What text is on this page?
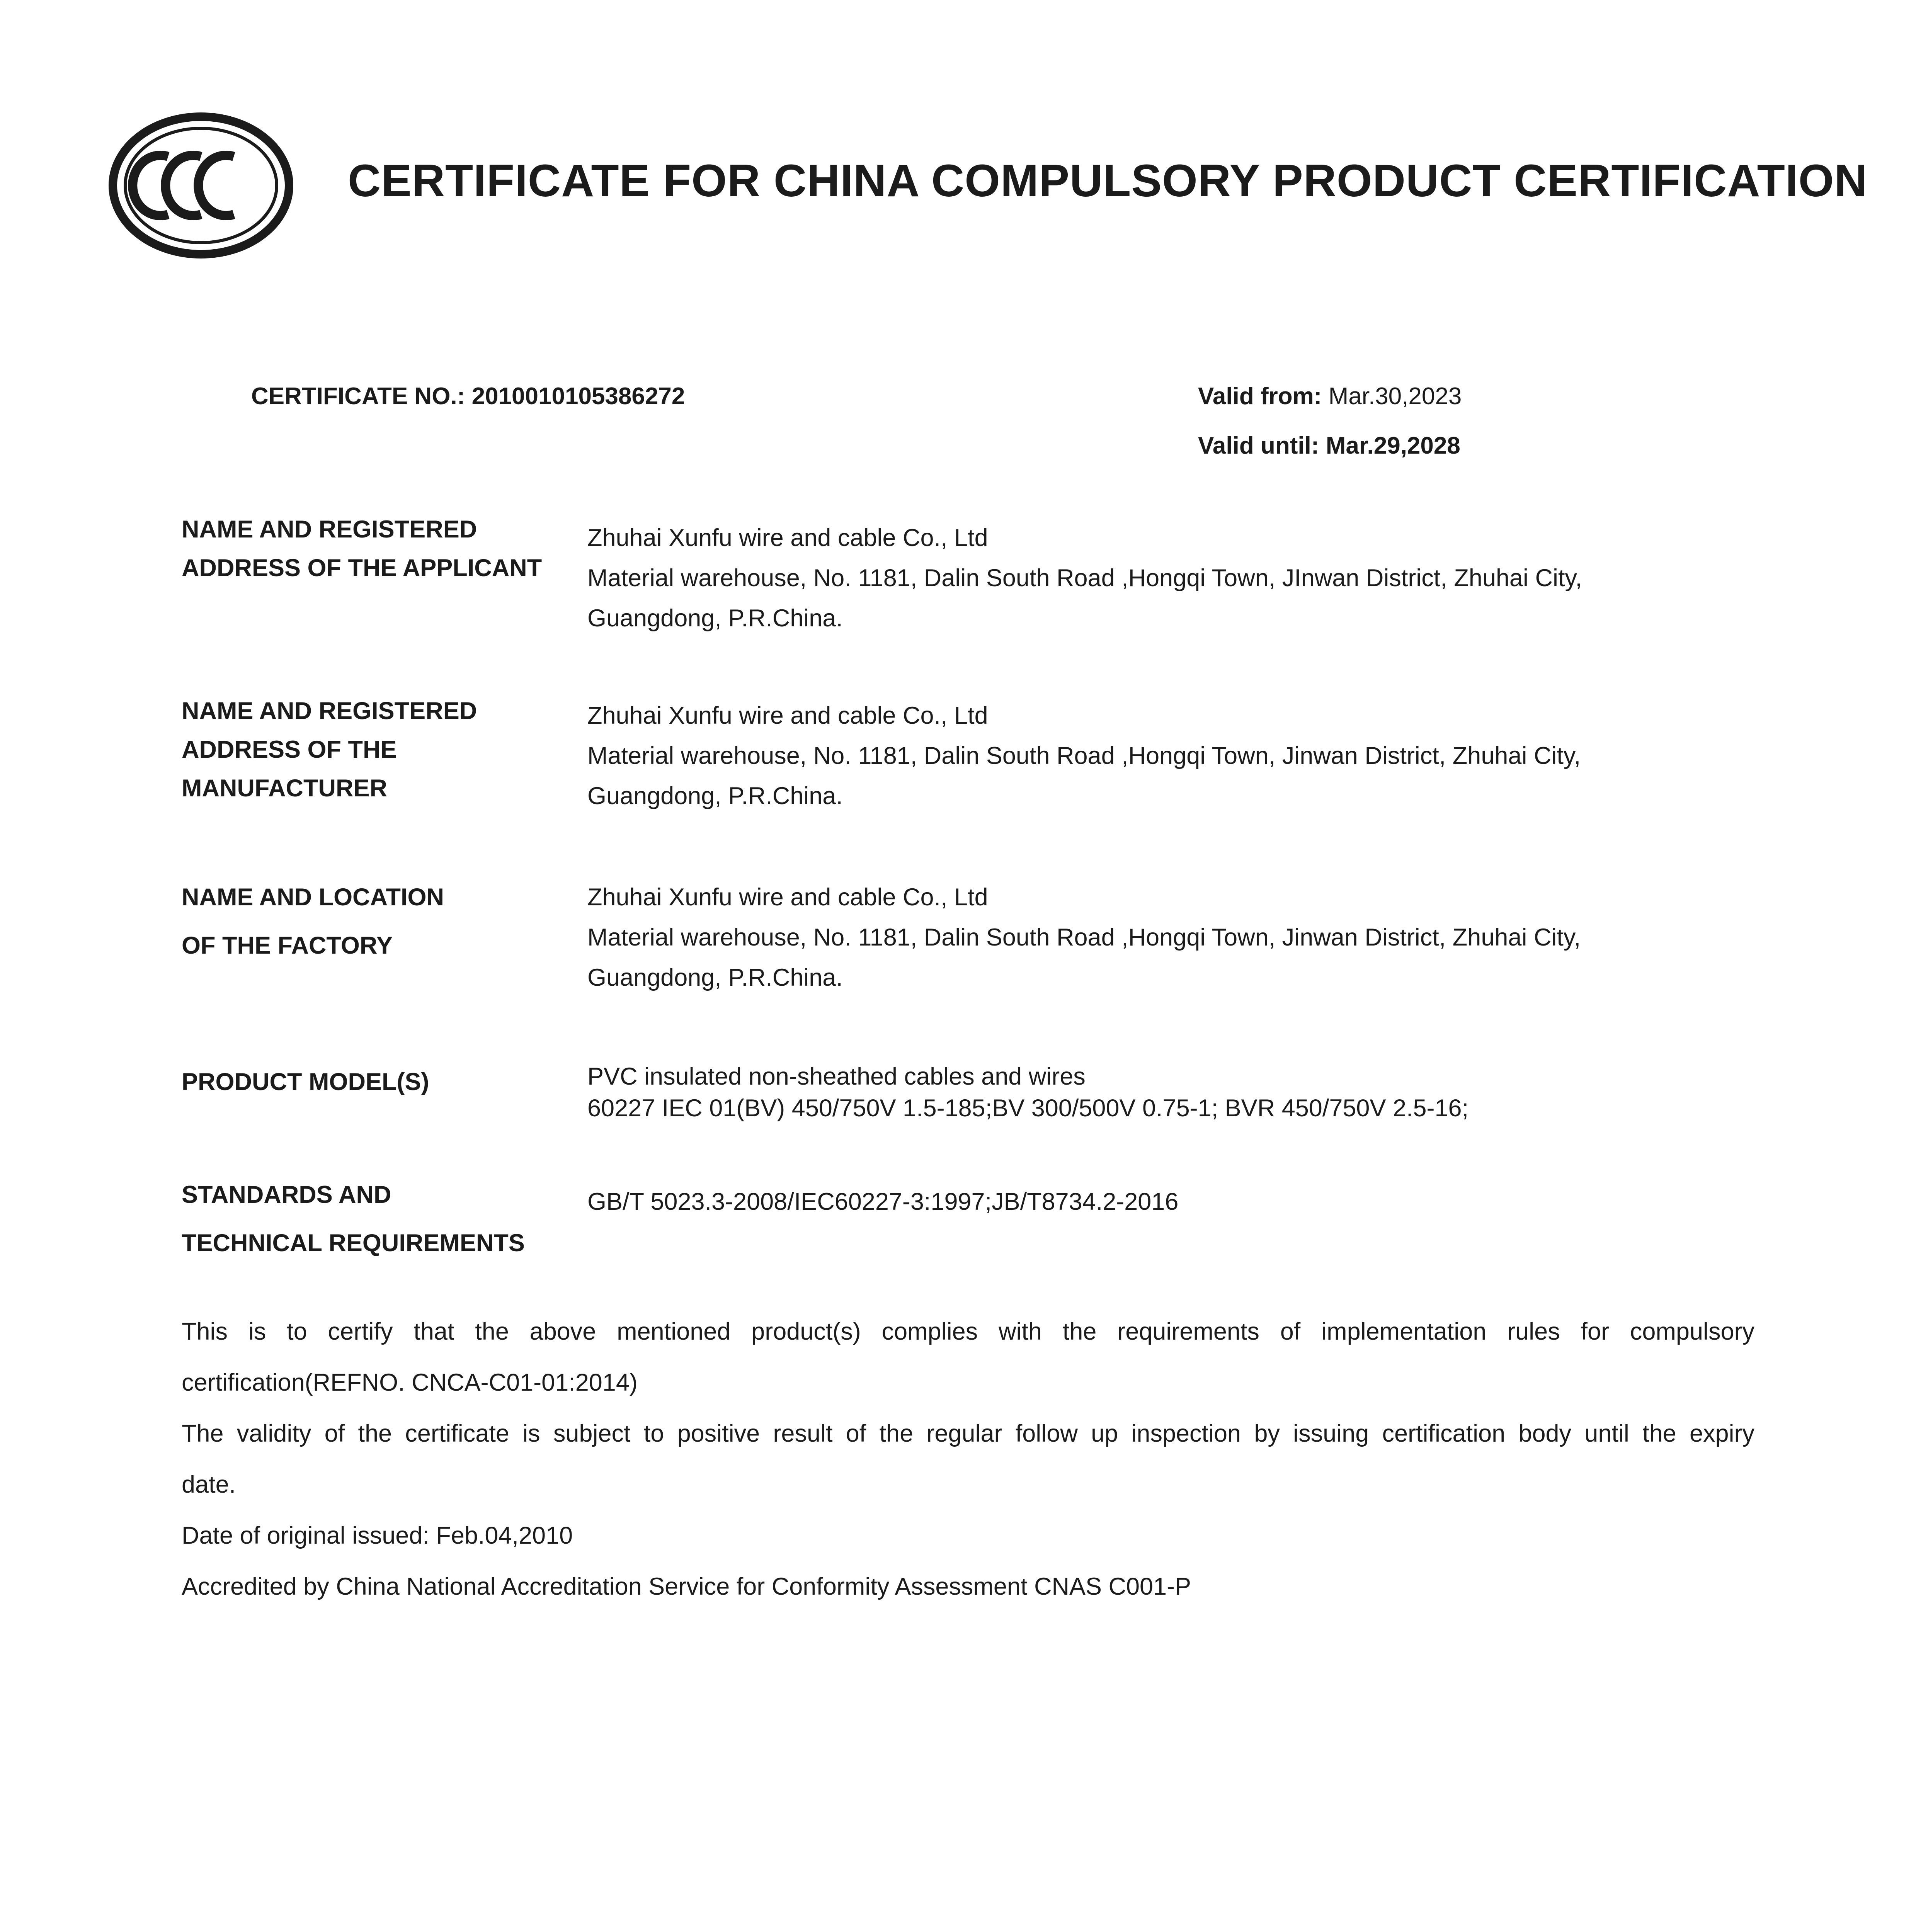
CERTIFICATE FOR CHINA COMPULSORY PRODUCT CERTIFICATION
CERTIFICATE NO.: 2010010105386272	Valid from: Mar.30,2023
Valid until: Mar.29,2028
NAME AND REGISTERED
ADDRESS OF THE APPLICANT
Zhuhai Xunfu wire and cable Co., Ltd
Material warehouse, No. 1181, Dalin South Road ,Hongqi Town, JInwan District, Zhuhai City,
Guangdong, P.R.China.
NAME AND REGISTERED
ADDRESS OF THE
MANUFACTURER
Zhuhai Xunfu wire and cable Co., Ltd
Material warehouse, No. 1181, Dalin South Road ,Hongqi Town, Jinwan District, Zhuhai City,
Guangdong, P.R.China.
NAME AND LOCATION
OF THE FACTORY
Zhuhai Xunfu wire and cable Co., Ltd
Material warehouse, No. 1181, Dalin South Road ,Hongqi Town, Jinwan District, Zhuhai City,
Guangdong, P.R.China.
PRODUCT MODEL(S)	PVC insulated non-sheathed cables and wires
60227 IEC 01(BV) 450/750V 1.5-185;BV 300/500V 0.75-1; BVR 450/750V 2.5-16;
STANDARDS AND
TECHNICAL REQUIREMENTS
GB/T 5023.3-2008/IEC60227-3:1997;JB/T8734.2-2016

This is to certify that the above mentioned product(s) complies with the requirements of implementation rules for compulsory

certification(REFNO. CNCA-C01-01:2014)

The validity of the certificate is subject to positive result of the regular follow up inspection by issuing certification body until the expiry

date.

Date of original issued: Feb.04,2010

Accredited by China National Accreditation Service for Conformity Assessment CNAS C001-P
